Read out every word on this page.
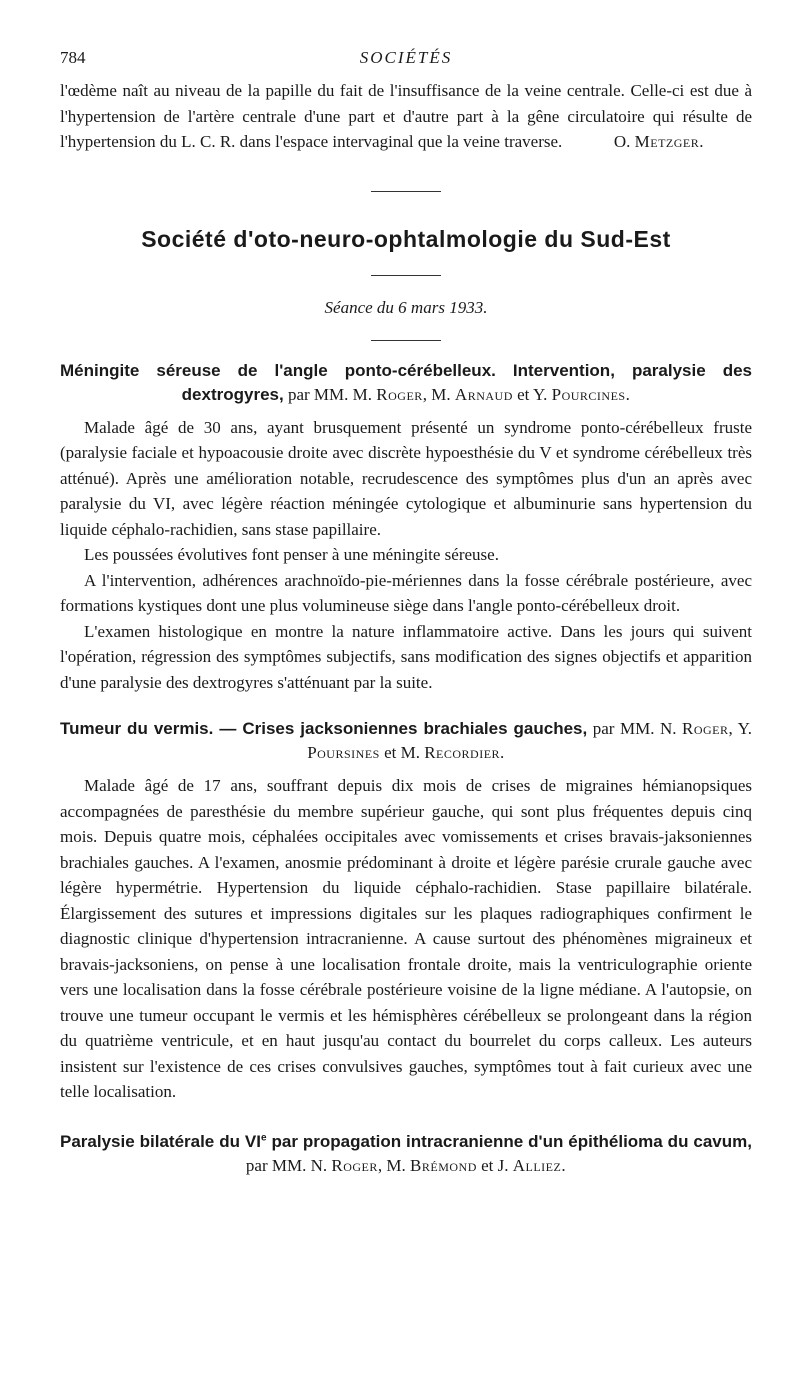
784	SOCIÉTÉS

l'œdème naît au niveau de la papille du fait de l'insuffisance de la veine centrale. Celle-ci est due à l'hypertension de l'artère centrale d'une part et d'autre part à la gêne circulatoire qui résulte de l'hypertension du L. C. R. dans l'espace intervaginal que la veine traverse.	O. Metzger.

Société d'oto-neuro-ophtalmologie du Sud-Est
Séance du 6 mars 1933.
Méningite séreuse de l'angle ponto-cérébelleux. Intervention, paralysie des dextrogyres, par MM. M. Roger, M. Arnaud et Y. Pourcines.

Malade âgé de 30 ans, ayant brusquement présenté un syndrome ponto-cérébelleux fruste (paralysie faciale et hypoacousie droite avec discrète hypoesthésie du V et syndrome cérébelleux très atténué). Après une amélioration notable, recrudescence des symptômes plus d'un an après avec paralysie du VI, avec légère réaction méningée cytologique et albuminurie sans hypertension du liquide céphalo-rachidien, sans stase papillaire.

Les poussées évolutives font penser à une méningite séreuse.

A l'intervention, adhérences arachnoïdo-pie-mériennes dans la fosse cérébrale postérieure, avec formations kystiques dont une plus volumineuse siège dans l'angle ponto-cérébelleux droit.

L'examen histologique en montre la nature inflammatoire active. Dans les jours qui suivent l'opération, régression des symptômes subjectifs, sans modification des signes objectifs et apparition d'une paralysie des dextrogyres s'atténuant par la suite.

Tumeur du vermis. — Crises jacksoniennes brachiales gauches, par MM. N. Roger, Y. Poursines et M. Recordier.

Malade âgé de 17 ans, souffrant depuis dix mois de crises de migraines hémianopsiques accompagnées de paresthésie du membre supérieur gauche, qui sont plus fréquentes depuis cinq mois. Depuis quatre mois, céphalées occipitales avec vomissements et crises bravais-jaksoniennes brachiales gauches. A l'examen, anosmie prédominant à droite et légère parésie crurale gauche avec légère hypermétrie. Hypertension du liquide céphalo-rachidien. Stase papillaire bilatérale. Élargissement des sutures et impressions digitales sur les plaques radiographiques confirment le diagnostic clinique d'hypertension intracranienne. A cause surtout des phénomènes migraineux et bravais-jacksoniens, on pense à une localisation frontale droite, mais la ventriculographie oriente vers une localisation dans la fosse cérébrale postérieure voisine de la ligne médiane. A l'autopsie, on trouve une tumeur occupant le vermis et les hémisphères cérébelleux se prolongeant dans la région du quatrième ventricule, et en haut jusqu'au contact du bourrelet du corps calleux. Les auteurs insistent sur l'existence de ces crises convulsives gauches, symptômes tout à fait curieux avec une telle localisation.

Paralysie bilatérale du VIe par propagation intracranienne d'un épithélioma du cavum, par MM. N. Roger, M. Brémond et J. Alliez.
